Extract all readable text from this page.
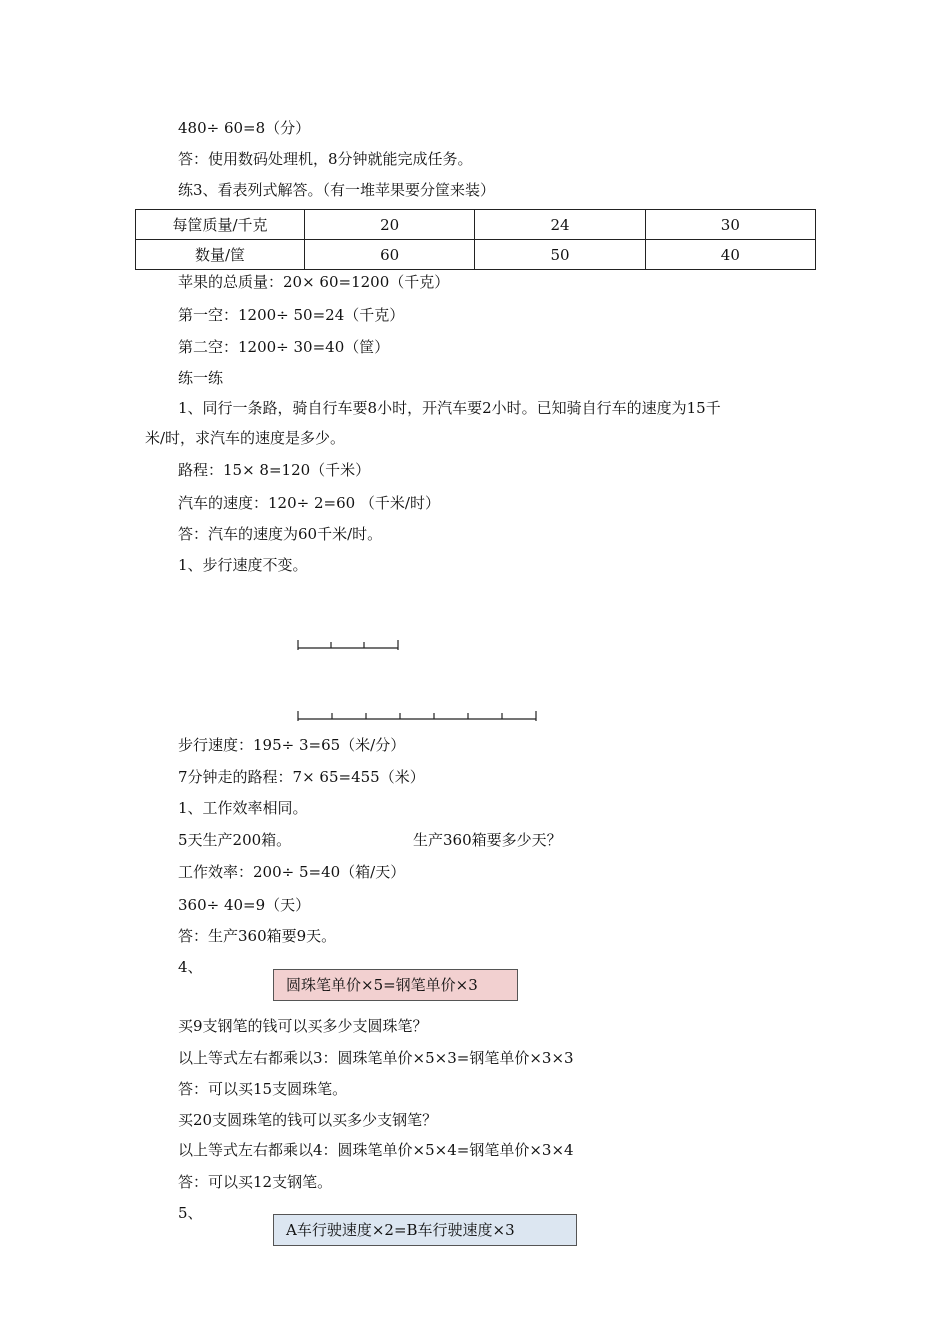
480÷ 60=8（分）
答：使用数码处理机，8分钟就能完成任务。
练3、看表列式解答。（有一堆苹果要分筐来装）
每筐质量/千克	20	24	30
数量/筐	60	50	40
苹果的总质量：20× 60=1200（千克）
第一空：1200÷ 50=24（千克）
第二空：1200÷ 30=40（筐）
练一练
1、同行一条路，骑自行车要8小时，开汽车要2小时。已知骑自行车的速度为15千
米/时，求汽车的速度是多少。
路程：15× 8=120（千米）
汽车的速度：120÷ 2=60 （千米/时）
答：汽车的速度为60千米/时。
1、步行速度不变。
步行速度：195÷ 3=65（米/分）
7分钟走的路程：7× 65=455（米）
1、工作效率相同。
5天生产200箱。	生产360箱要多少天？
工作效率：200÷ 5=40（箱/天）
360÷ 40=9（天）
答：生产360箱要9天。
4、
圆珠笔单价×5=钢笔单价×3
买9支钢笔的钱可以买多少支圆珠笔？
以上等式左右都乘以3：圆珠笔单价×5×3=钢笔单价×3×3
答：可以买15支圆珠笔。
买20支圆珠笔的钱可以买多少支钢笔？
以上等式左右都乘以4：圆珠笔单价×5×4=钢笔单价×3×4
答：可以买12支钢笔。
5、
A车行驶速度×2=B车行驶速度×3
